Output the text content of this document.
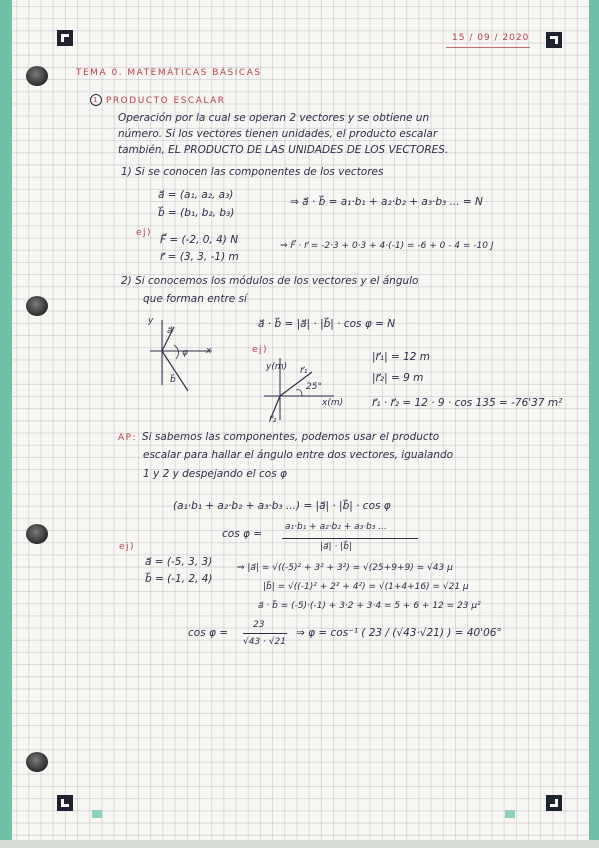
15 / 09 / 2020
TEMA 0. MATEMÁTICAS BÁSICAS
1 PRODUCTO ESCALAR
Operación por la cual se operan 2 vectores y se obtiene un
número. Si los vectores tienen unidades, el producto escalar
también, EL PRODUCTO DE LAS UNIDADES DE LOS VECTORES.
1) Si se conocen las componentes de los vectores
a⃗ = (a₁, a₂, a₃)
b⃗ = (b₁, b₂, b₃)
⇒ a⃗ · b⃗ = a₁·b₁ + a₂·b₂ + a₃·b₃ ... = N
ej)
F⃗ = (-2, 0, 4) N
r⃗ = (3, 3, -1) m
⇒ F⃗ · r⃗ = -2·3 + 0·3 + 4·(-1) = -6 + 0 - 4 = -10 J
2) Si conocemos los módulos de los vectores y el ángulo
que forman entre sí
a⃗ · b⃗ = |a⃗| · |b⃗| · cos φ = N
y
x
a⃗
b⃗
φ	ej)
y(m)
x(m)
25°
r⃗₁
r⃗₂
|r⃗₁| = 12 m
|r⃗₂| = 9 m
r⃗₁ · r⃗₂ = 12 · 9 · cos 135 = -76'37 m²
AP: Si sabemos las componentes, podemos usar el producto
escalar para hallar el ángulo entre dos vectores, igualando
1 y 2 y despejando el cos φ
(a₁·b₁ + a₂·b₂ + a₃·b₃ ...) = |a⃗| · |b⃗| · cos φ
cos φ =
a₁·b₁ + a₂·b₂ + a₃·b₃ ...
|a⃗| · |b⃗|
ej)
a⃗ = (-5, 3, 3)
b⃗ = (-1, 2, 4)
⇒ |a⃗| = √((-5)² + 3² + 3²) = √(25+9+9) = √43 μ
|b⃗| = √((-1)² + 2² + 4²) = √(1+4+16) = √21 μ
a⃗ · b⃗ = (-5)·(-1) + 3·2 + 3·4 = 5 + 6 + 12 = 23 μ²
cos φ =
23
√43 · √21
⇒ φ = cos⁻¹ ( 23 / (√43·√21) ) = 40'06°
